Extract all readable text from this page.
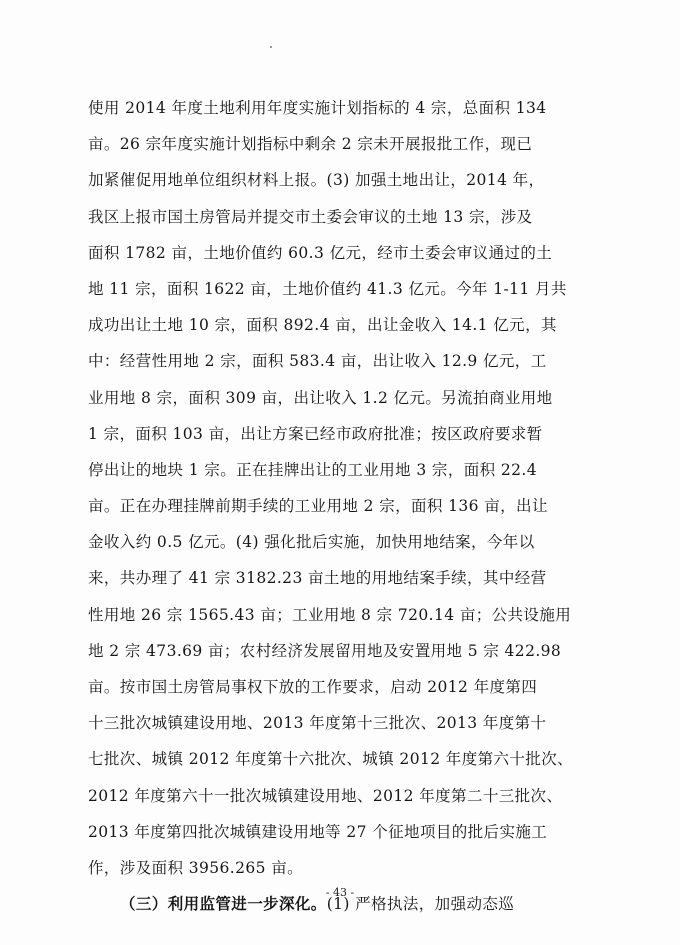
使用 2014 年度土地利用年度实施计划指标的 4 宗，总面积 134
亩。26 宗年度实施计划指标中剩余 2 宗未开展报批工作，现已
加紧催促用地单位组织材料上报。(3) 加强土地出让，2014 年，
我区上报市国土房管局并提交市土委会审议的土地 13 宗，涉及
面积 1782 亩，土地价值约 60.3 亿元，经市土委会审议通过的土
地 11 宗，面积 1622 亩，土地价值约 41.3 亿元。今年 1-11 月共
成功出让土地 10 宗，面积 892.4 亩，出让金收入 14.1 亿元，其
中：经营性用地 2 宗，面积 583.4 亩，出让收入 12.9 亿元，工
业用地 8 宗，面积 309 亩，出让收入 1.2 亿元。另流拍商业用地
1 宗，面积 103 亩，出让方案已经市政府批准；按区政府要求暂
停出让的地块 1 宗。正在挂牌出让的工业用地 3 宗，面积 22.4
亩。正在办理挂牌前期手续的工业用地 2 宗，面积 136 亩，出让
金收入约 0.5 亿元。(4) 强化批后实施，加快用地结案，今年以
来，共办理了 41 宗 3182.23 亩土地的用地结案手续，其中经营
性用地 26 宗 1565.43 亩；工业用地 8 宗 720.14 亩；公共设施用
地 2 宗 473.69 亩；农村经济发展留用地及安置用地 5 宗 422.98
亩。按市国土房管局事权下放的工作要求，启动 2012 年度第四
十三批次城镇建设用地、2013 年度第十三批次、2013 年度第十
七批次、城镇 2012 年度第十六批次、城镇 2012 年度第六十批次、
2012 年度第六十一批次城镇建设用地、2012 年度第二十三批次、
2013 年度第四批次城镇建设用地等 27 个征地项目的批后实施工
作，涉及面积 3956.265 亩。
（三）利用监管进一步深化。(1) 严格执法，加强动态巡
- 43 -
